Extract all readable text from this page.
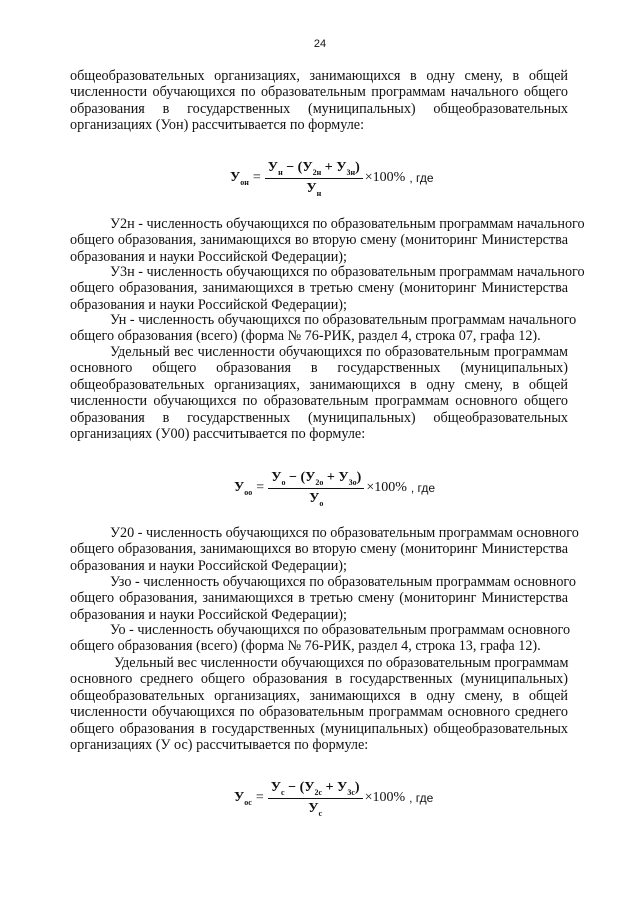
24
общеобразовательных организациях, занимающихся в одну смену, в общей
численности обучающихся по образовательным программам начального общего
образования в государственных (муниципальных) общеобразовательных
организациях (Уон) рассчитывается по формуле:
$У_{он} = \frac{У_н - (У_{2н} + У_{3н})}{У_н} \times 100\%$ , где
У2н - численность обучающихся по образовательным программам начального
общего образования, занимающихся во вторую смену (мониторинг Министерства
образования и науки Российской Федерации);
У3н - численность обучающихся по образовательным программам начального
общего образования, занимающихся в третью смену (мониторинг Министерства
образования и науки Российской Федерации);
Ун - численность обучающихся по образовательным программам начального
общего образования (всего) (форма № 76-РИК, раздел 4, строка 07, графа 12).
Удельный вес численности обучающихся по образовательным программам
основного общего образования в государственных (муниципальных)
общеобразовательных организациях, занимающихся в одну смену, в общей
численности обучающихся по образовательным программам основного общего
образования в государственных (муниципальных) общеобразовательных
организациях (У00) рассчитывается по формуле:
$У_{оо} = \frac{У_о - (У_{2о} + У_{3о})}{У_о} \times 100\%$ , где
У20 - численность обучающихся по образовательным программам основного
общего образования, занимающихся во вторую смену (мониторинг Министерства
образования и науки Российской Федерации);
Узо - численность обучающихся по образовательным программам основного
общего образования, занимающихся в третью смену (мониторинг Министерства
образования и науки Российской Федерации);
Уо - численность обучающихся по образовательным программам основного
общего образования (всего) (форма № 76-РИК, раздел 4, строка 13, графа 12).
Удельный вес численности обучающихся по образовательным программам
основного среднего общего образования в государственных (муниципальных)
общеобразовательных организациях, занимающихся в одну смену, в общей
численности обучающихся по образовательным программам основного среднего
общего образования в государственных (муниципальных) общеобразовательных
организациях (У ос) рассчитывается по формуле:
$У_{ос} = \frac{У_с - (У_{2с} + У_{3с})}{У_с} \times 100\%$ , где
